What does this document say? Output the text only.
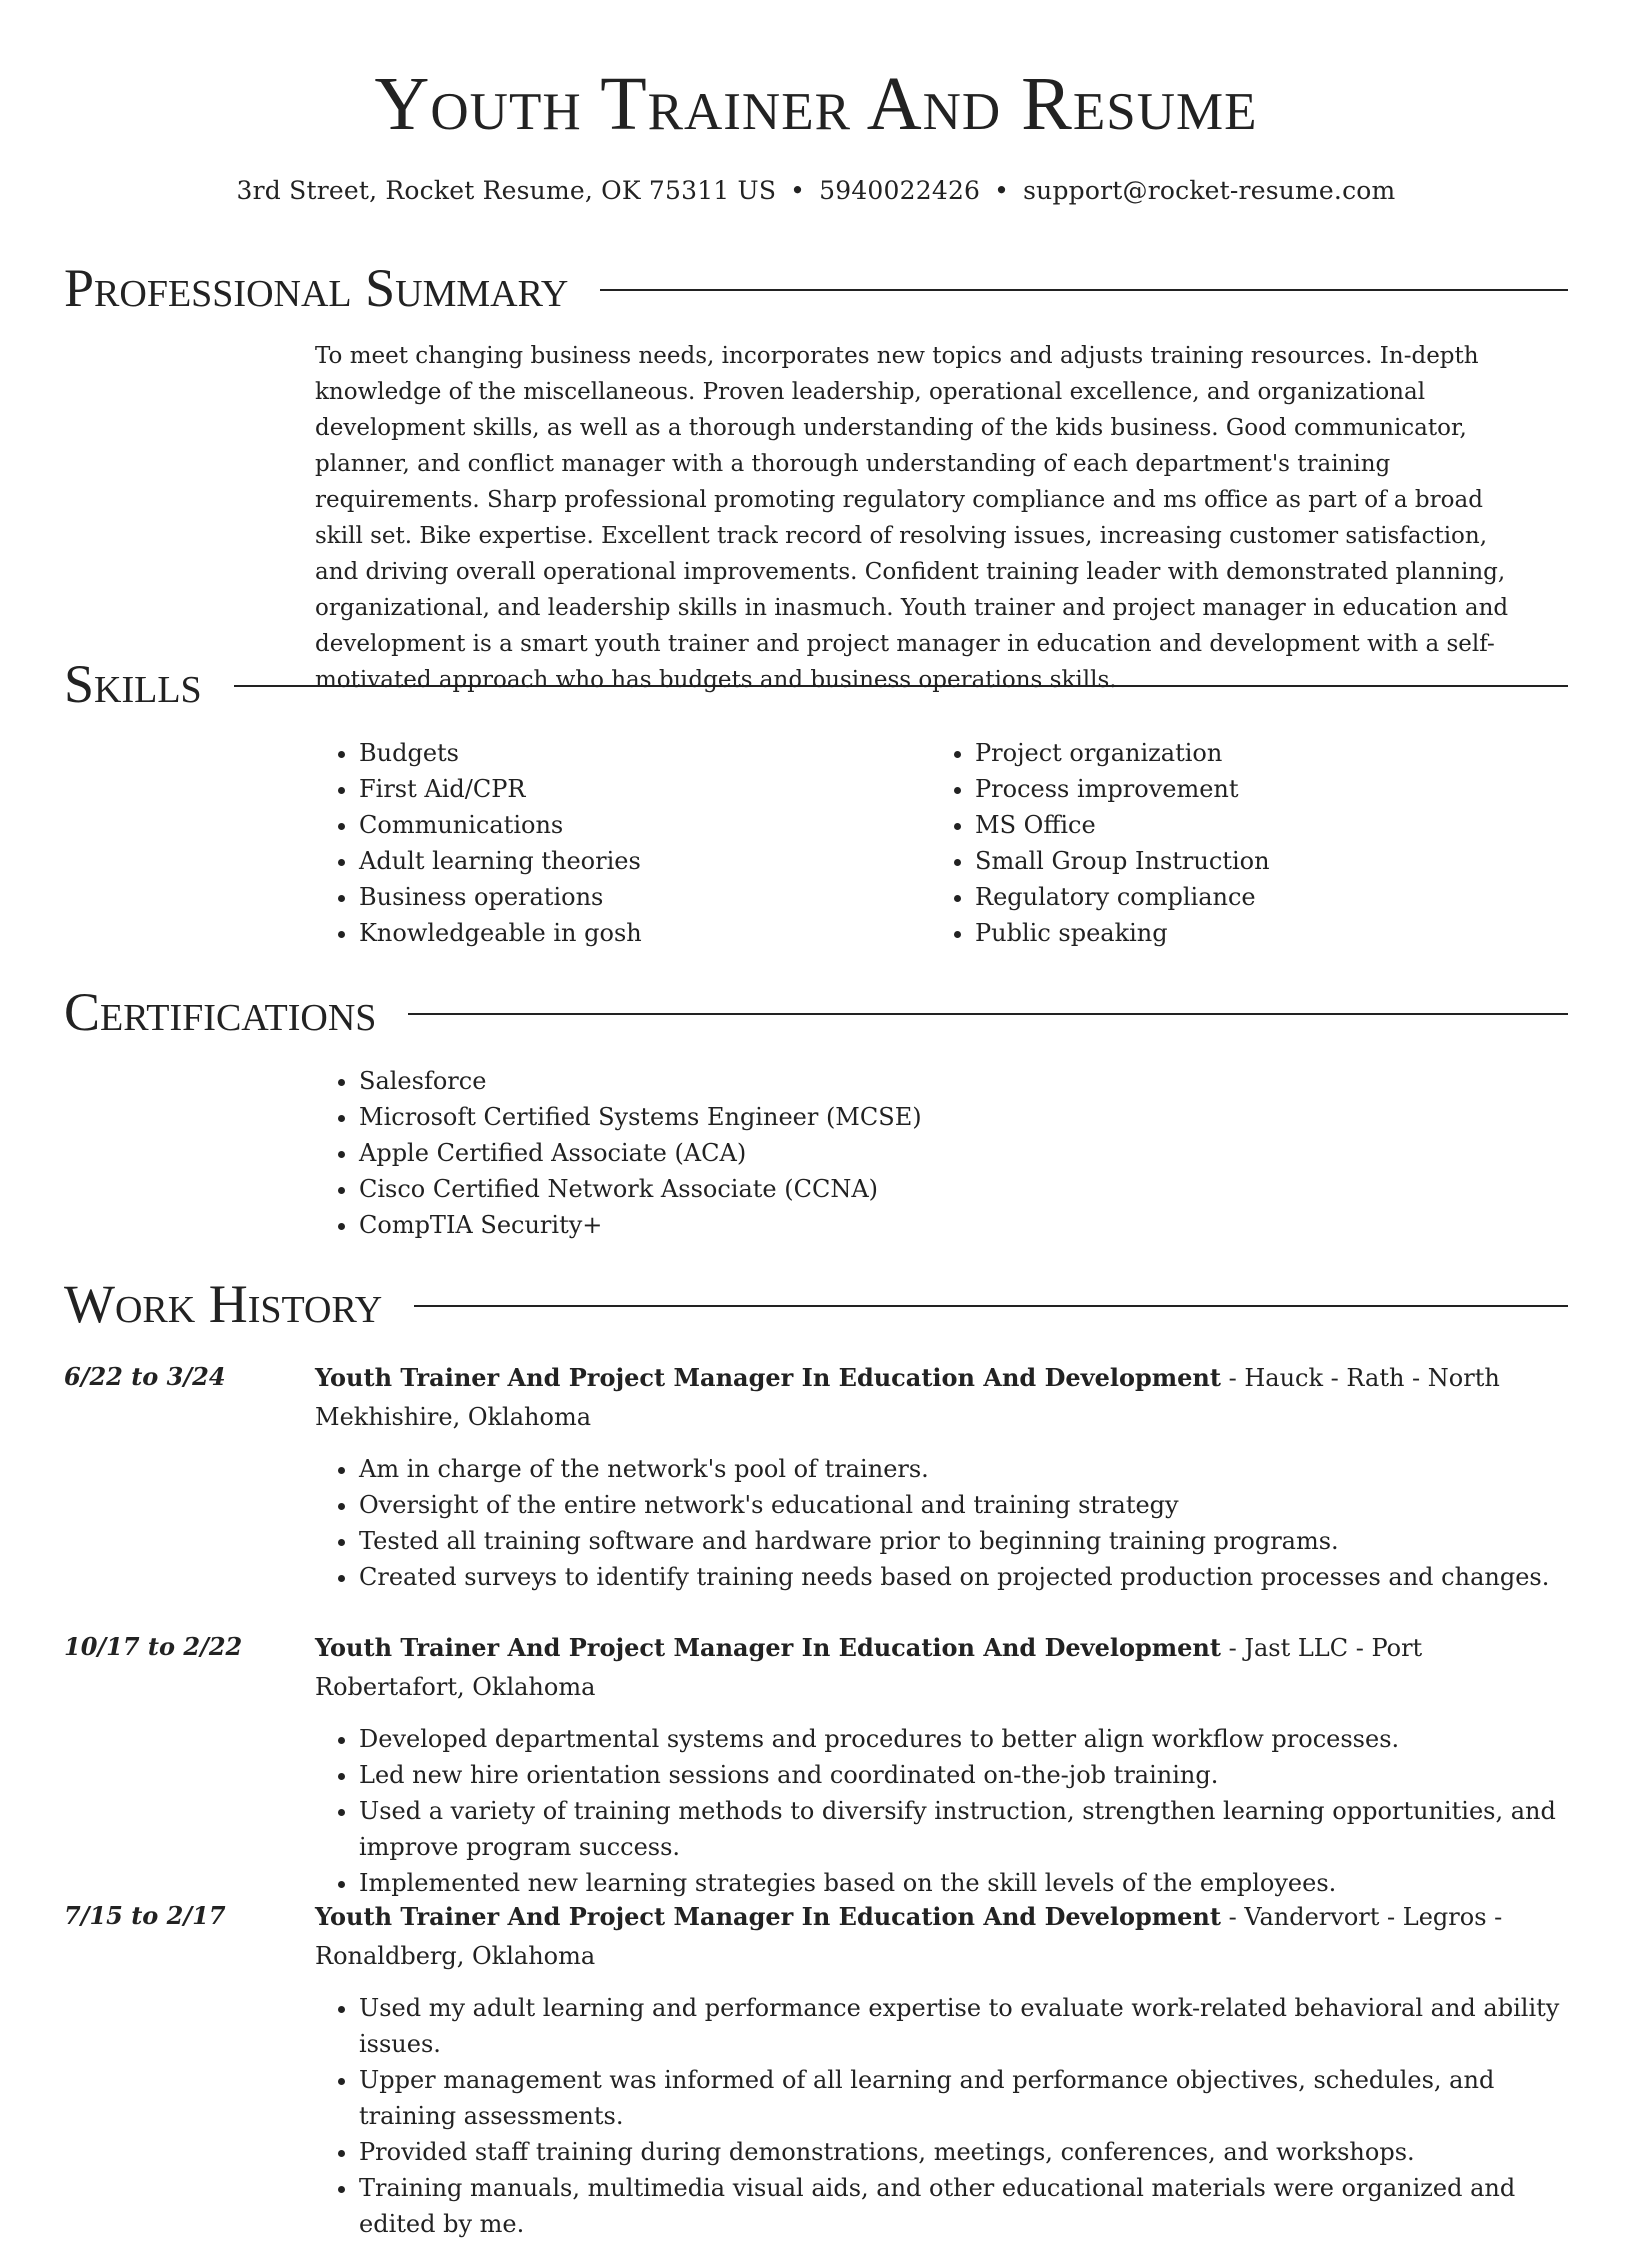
Youth Trainer And Resume
3rd Street, Rocket Resume, OK 75311 US • 5940022426 • support@rocket-resume.com
Professional Summary

To meet changing business needs, incorporates new topics and adjusts training resources. In-depth knowledge of the miscellaneous. Proven leadership, operational excellence, and organizational development skills, as well as a thorough understanding of the kids business. Good communicator, planner, and conflict manager with a thorough understanding of each department's training requirements. Sharp professional promoting regulatory compliance and ms office as part of a broad skill set. Bike expertise. Excellent track record of resolving issues, increasing customer satisfaction, and driving overall operational improvements. Confident training leader with demonstrated planning, organizational, and leadership skills in inasmuch. Youth trainer and project manager in education and development is a smart youth trainer and project manager in education and development with a self-motivated approach who has budgets and business operations skills.

Skills
• Budgets
• First Aid/CPR
• Communications
• Adult learning theories
• Business operations
• Knowledgeable in gosh
• Project organization
• Process improvement
• MS Office
• Small Group Instruction
• Regulatory compliance
• Public speaking
Certifications
• Salesforce
• Microsoft Certified Systems Engineer (MCSE)
• Apple Certified Associate (ACA)
• Cisco Certified Network Associate (CCNA)
• CompTIA Security+
Work History
6/22 to 3/24	Youth Trainer And Project Manager In Education And Development - Hauck - Rath - North Mekhishire, Oklahoma
• Am in charge of the network's pool of trainers.
• Oversight of the entire network's educational and training strategy
• Tested all training software and hardware prior to beginning training programs.
• Created surveys to identify training needs based on projected production processes and changes.
10/17 to 2/22	Youth Trainer And Project Manager In Education And Development - Jast LLC - Port Robertafort, Oklahoma
• Developed departmental systems and procedures to better align workflow processes.
• Led new hire orientation sessions and coordinated on-the-job training.
• Used a variety of training methods to diversify instruction, strengthen learning opportunities, and improve program success.
• Implemented new learning strategies based on the skill levels of the employees.
7/15 to 2/17	Youth Trainer And Project Manager In Education And Development - Vandervort - Legros - Ronaldberg, Oklahoma
• Used my adult learning and performance expertise to evaluate work-related behavioral and ability issues.
• Upper management was informed of all learning and performance objectives, schedules, and training assessments.
• Provided staff training during demonstrations, meetings, conferences, and workshops.
• Training manuals, multimedia visual aids, and other educational materials were organized and edited by me.
